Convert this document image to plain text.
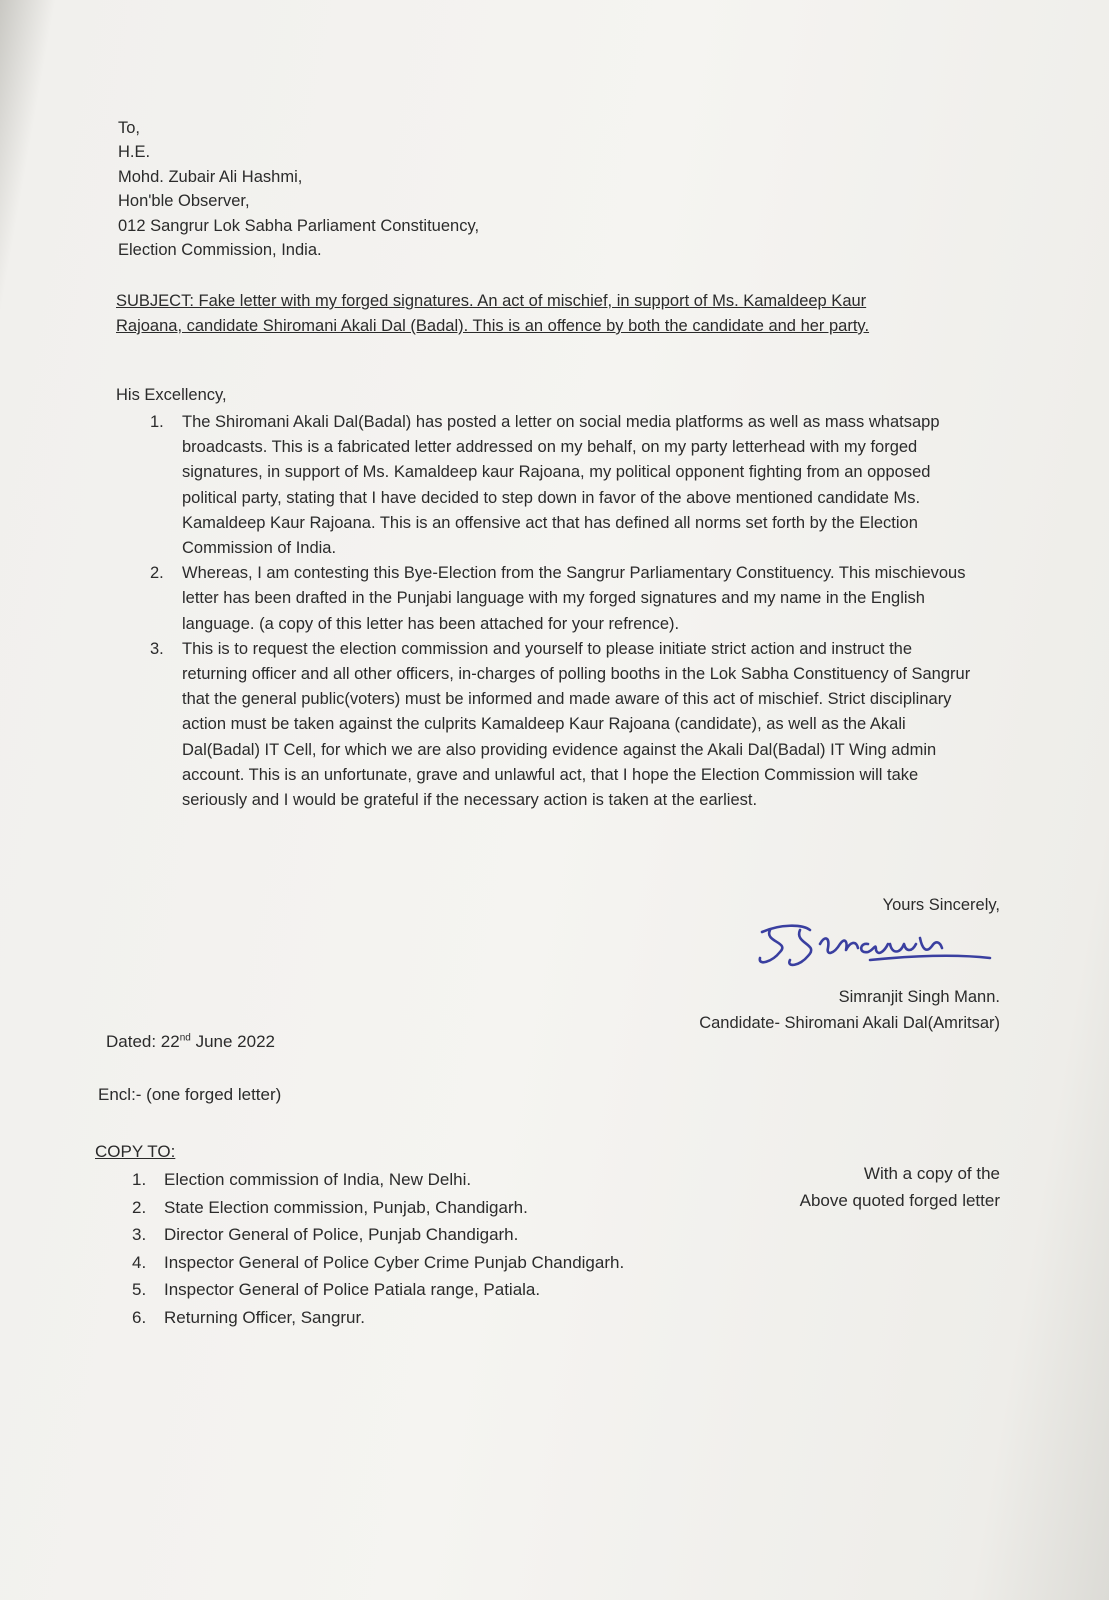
To,
H.E.
Mohd. Zubair Ali Hashmi,
Hon'ble Observer,
012 Sangrur Lok Sabha Parliament Constituency,
Election Commission, India.
SUBJECT: Fake letter with my forged signatures. An act of mischief, in support of Ms. Kamaldeep Kaur Rajoana, candidate Shiromani Akali Dal (Badal). This is an offence by both the candidate and her party.
His Excellency,
1. The Shiromani Akali Dal(Badal) has posted a letter on social media platforms as well as mass whatsapp broadcasts. This is a fabricated letter addressed on my behalf, on my party letterhead with my forged signatures, in support of Ms. Kamaldeep kaur Rajoana, my political opponent fighting from an opposed political party, stating that I have decided to step down in favor of the above mentioned candidate Ms. Kamaldeep Kaur Rajoana. This is an offensive act that has defined all norms set forth by the Election Commission of India.
2. Whereas, I am contesting this Bye-Election from the Sangrur Parliamentary Constituency. This mischievous letter has been drafted in the Punjabi language with my forged signatures and my name in the English language. (a copy of this letter has been attached for your refrence).
3. This is to request the election commission and yourself to please initiate strict action and instruct the returning officer and all other officers, in-charges of polling booths in the Lok Sabha Constituency of Sangrur that the general public(voters) must be informed and made aware of this act of mischief. Strict disciplinary action must be taken against the culprits Kamaldeep Kaur Rajoana (candidate), as well as the Akali Dal(Badal) IT Cell, for which we are also providing evidence against the Akali Dal(Badal) IT Wing admin account. This is an unfortunate, grave and unlawful act, that I hope the Election Commission will take seriously and I would be grateful if the necessary action is taken at the earliest.
Yours Sincerely,
Simranjit Singh Mann.
Candidate- Shiromani Akali Dal(Amritsar)
Dated: 22nd June 2022
Encl:- (one forged letter)
COPY TO:
1. Election commission of India, New Delhi.
2. State Election commission, Punjab, Chandigarh.
3. Director General of Police, Punjab Chandigarh.
4. Inspector General of Police Cyber Crime Punjab Chandigarh.
5. Inspector General of Police Patiala range, Patiala.
6. Returning Officer, Sangrur.
With a copy of the
Above quoted forged letter
